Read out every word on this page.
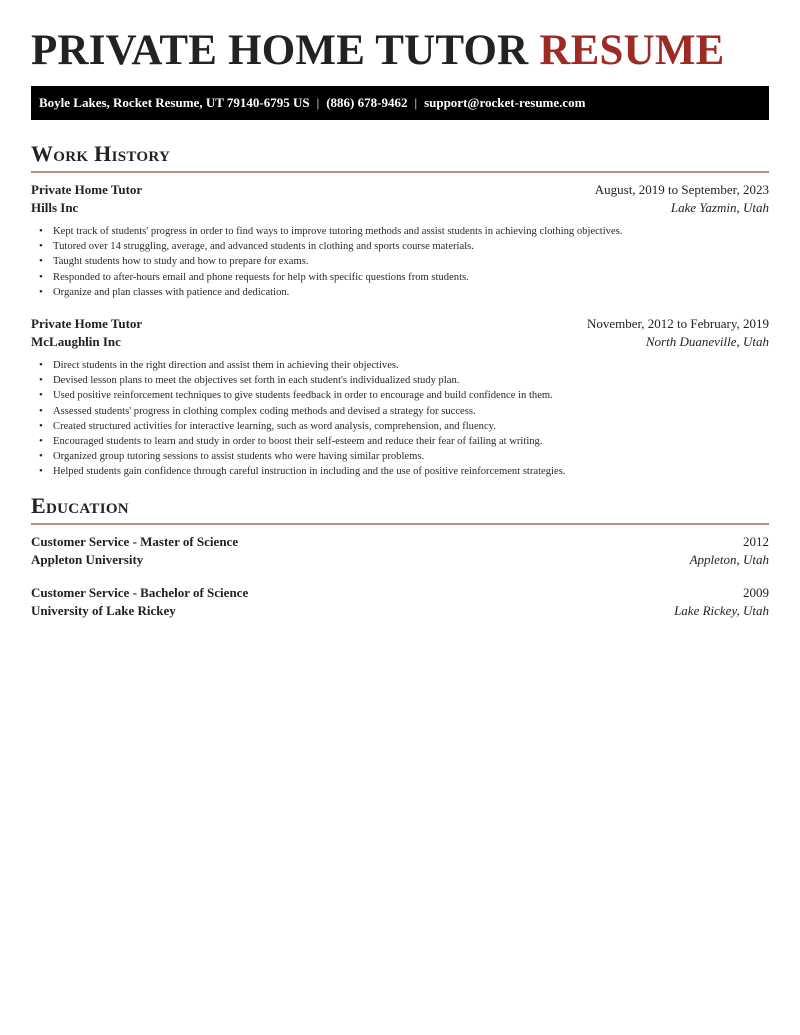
PRIVATE HOME TUTOR RESUME
Boyle Lakes, Rocket Resume, UT 79140-6795 US | (886) 678-9462 | support@rocket-resume.com
Work History
Private Home Tutor	August, 2019 to September, 2023
Hills Inc	Lake Yazmin, Utah
• Kept track of students' progress in order to find ways to improve tutoring methods and assist students in achieving clothing objectives.
• Tutored over 14 struggling, average, and advanced students in clothing and sports course materials.
• Taught students how to study and how to prepare for exams.
• Responded to after-hours email and phone requests for help with specific questions from students.
• Organize and plan classes with patience and dedication.
Private Home Tutor	November, 2012 to February, 2019
McLaughlin Inc	North Duaneville, Utah
• Direct students in the right direction and assist them in achieving their objectives.
• Devised lesson plans to meet the objectives set forth in each student's individualized study plan.
• Used positive reinforcement techniques to give students feedback in order to encourage and build confidence in them.
• Assessed students' progress in clothing complex coding methods and devised a strategy for success.
• Created structured activities for interactive learning, such as word analysis, comprehension, and fluency.
• Encouraged students to learn and study in order to boost their self-esteem and reduce their fear of failing at writing.
• Organized group tutoring sessions to assist students who were having similar problems.
• Helped students gain confidence through careful instruction in including and the use of positive reinforcement strategies.
Education
Customer Service - Master of Science	2012
Appleton University	Appleton, Utah
Customer Service - Bachelor of Science	2009
University of Lake Rickey	Lake Rickey, Utah
